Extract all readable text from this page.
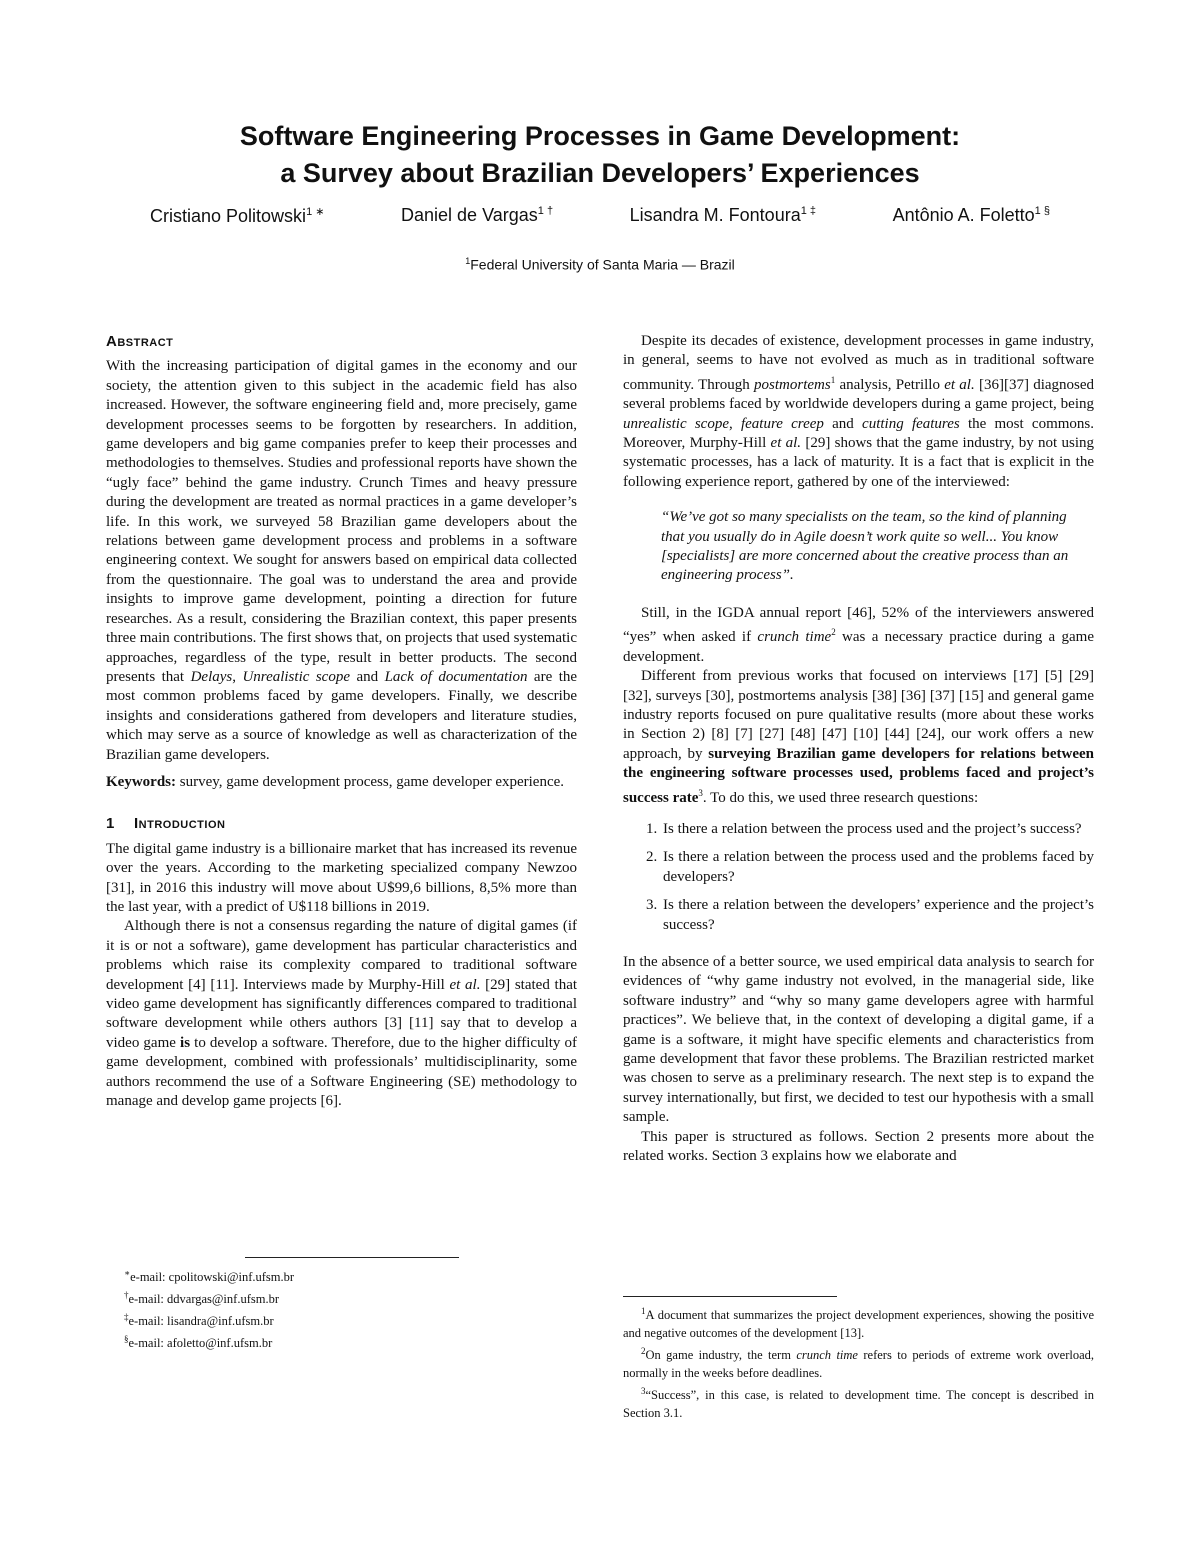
Software Engineering Processes in Game Development:
a Survey about Brazilian Developers’ Experiences
Cristiano Politowski$^{1 ∗}$	Daniel de Vargas$^{1 \dagger}$	Lisandra M. Fontoura$^{1 \ddagger}$	Antônio A. Foletto$^{1 \S}$
$^1$Federal University of Santa Maria — Brazil
Abstract

With the increasing participation of digital games in the economy and our society, the attention given to this subject in the academic field has also increased. However, the software engineering field and, more precisely, game development processes seems to be forgotten by researchers. In addition, game developers and big game companies prefer to keep their processes and methodologies to themselves. Studies and professional reports have shown the “ugly face” behind the game industry. Crunch Times and heavy pressure during the development are treated as normal practices in a game developer’s life. In this work, we surveyed 58 Brazilian game developers about the relations between game development process and problems in a software engineering context. We sought for answers based on empirical data collected from the questionnaire. The goal was to understand the area and provide insights to improve game development, pointing a direction for future researches. As a result, considering the Brazilian context, this paper presents three main contributions. The first shows that, on projects that used systematic approaches, regardless of the type, result in better products. The second presents that Delays, Unrealistic scope and Lack of documentation are the most common problems faced by game developers. Finally, we describe insights and considerations gathered from developers and literature studies, which may serve as a source of knowledge as well as characterization of the Brazilian game developers.

Keywords: survey, game development process, game developer experience.

1 Introduction

The digital game industry is a billionaire market that has increased its revenue over the years. According to the marketing specialized company Newzoo [31], in 2016 this industry will move about U$99,6 billions, 8,5% more than the last year, with a predict of U$118 billions in 2019.

Although there is not a consensus regarding the nature of digital games (if it is or not a software), game development has particular characteristics and problems which raise its complexity compared to traditional software development [4] [11]. Interviews made by Murphy-Hill et al. [29] stated that video game development has significantly differences compared to traditional software development while others authors [3] [11] say that to develop a video game is to develop a software. Therefore, due to the higher difficulty of game development, combined with professionals’ multidisciplinarity, some authors recommend the use of a Software Engineering (SE) methodology to manage and develop game projects [6].

∗e-mail: cpolitowski@inf.ufsm.br

†e-mail: ddvargas@inf.ufsm.br

‡e-mail: lisandra@inf.ufsm.br

§e-mail: afoletto@inf.ufsm.br

Despite its decades of existence, development processes in game industry, in general, seems to have not evolved as much as in traditional software community. Through postmortems$^1$ analysis, Petrillo et al. [36][37] diagnosed several problems faced by worldwide developers during a game project, being unrealistic scope, feature creep and cutting features the most commons. Moreover, Murphy-Hill et al. [29] shows that the game industry, by not using systematic processes, has a lack of maturity. It is a fact that is explicit in the following experience report, gathered by one of the interviewed:

“We’ve got so many specialists on the team, so the kind of planning that you usually do in Agile doesn’t work quite so well... You know [specialists] are more concerned about the creative process than an engineering process”.

Still, in the IGDA annual report [46], 52% of the interviewers answered “yes” when asked if crunch time$^2$ was a necessary practice during a game development.

Different from previous works that focused on interviews [17] [5] [29] [32], surveys [30], postmortems analysis [38] [36] [37] [15] and general game industry reports focused on pure qualitative results (more about these works in Section 2) [8] [7] [27] [48] [47] [10] [44] [24], our work offers a new approach, by surveying Brazilian game developers for relations between the engineering software processes used, problems faced and project’s success rate$^3$. To do this, we used three research questions:

1. Is there a relation between the process used and the project’s success?
2. Is there a relation between the process used and the problems faced by developers?
3. Is there a relation between the developers’ experience and the project’s success?

In the absence of a better source, we used empirical data analysis to search for evidences of “why game industry not evolved, in the managerial side, like software industry” and “why so many game developers agree with harmful practices”. We believe that, in the context of developing a digital game, if a game is a software, it might have specific elements and characteristics from game development that favor these problems. The Brazilian restricted market was chosen to serve as a preliminary research. The next step is to expand the survey internationally, but first, we decided to test our hypothesis with a small sample.

This paper is structured as follows. Section 2 presents more about the related works. Section 3 explains how we elaborate and

$^1$A document that summarizes the project development experiences, showing the positive and negative outcomes of the development [13].

$^2$On game industry, the term crunch time refers to periods of extreme work overload, normally in the weeks before deadlines.

$^3$“Success”, in this case, is related to development time. The concept is described in Section 3.1.
